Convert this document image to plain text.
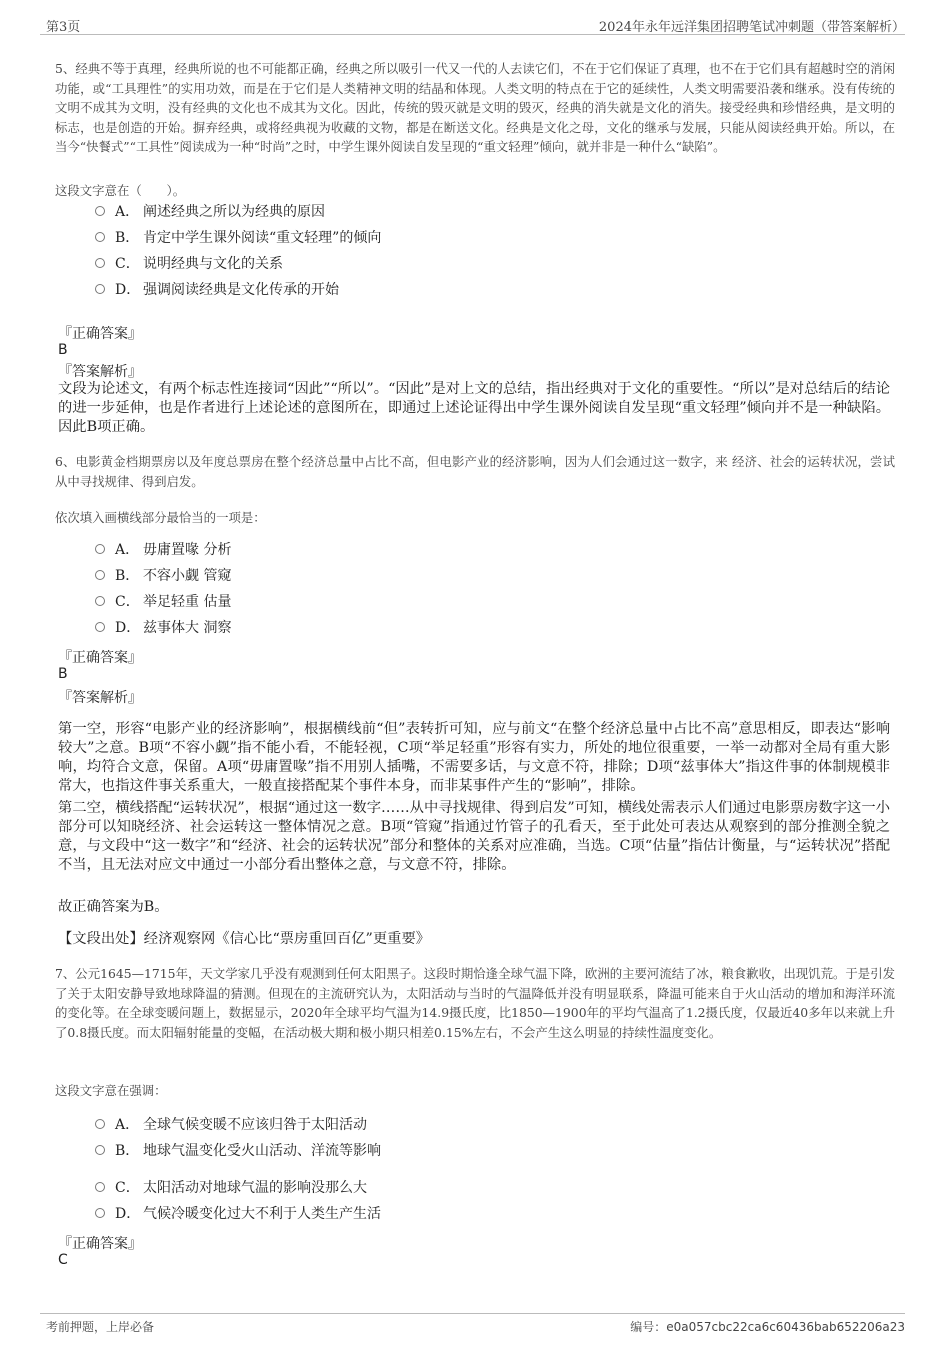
第3页	2024年永年远洋集团招聘笔试冲刺题（带答案解析）
5、经典不等于真理，经典所说的也不可能都正确，经典之所以吸引一代又一代的人去读它们，不在于它们保证了真理，也不在于它们具有超越时空的消闲功能，或“工具理性”的实用功效，而是在于它们是人类精神文明的结晶和体现。人类文明的特点在于它的延续性，人类文明需要沿袭和继承。没有传统的文明不成其为文明，没有经典的文化也不成其为文化。因此，传统的毁灭就是文明的毁灭，经典的消失就是文化的消失。接受经典和珍惜经典，是文明的标志，也是创造的开始。摒弃经典，或将经典视为收藏的文物，都是在断送文化。经典是文化之母，文化的继承与发展，只能从阅读经典开始。所以，在当今“快餐式”“工具性”阅读成为一种“时尚”之时，中学生课外阅读自发呈现的“重文轻理”倾向，就并非是一种什么“缺陷”。
这段文字意在（　　）。
A． 阐述经典之所以为经典的原因
B． 肯定中学生课外阅读“重文轻理”的倾向
C． 说明经典与文化的关系
D． 强调阅读经典是文化传承的开始
『正确答案』
B
『答案解析』
文段为论述文，有两个标志性连接词“因此”“所以”。“因此”是对上文的总结，指出经典对于文化的重要性。“所以”是对总结后的结论的进一步延伸，也是作者进行上述论述的意图所在，即通过上述论证得出中学生课外阅读自发呈现“重文轻理”倾向并不是一种缺陷。因此B项正确。
6、电影黄金档期票房以及年度总票房在整个经济总量中占比不高，但电影产业的经济影响，因为人们会通过这一数字，来 经济、社会的运转状况，尝试从中寻找规律、得到启发。
依次填入画横线部分最恰当的一项是：
A． 毋庸置喙 分析
B． 不容小觑 管窥
C． 举足轻重 估量
D． 兹事体大 洞察
『正确答案』
B
『答案解析』
第一空，形容“电影产业的经济影响”，根据横线前“但”表转折可知，应与前文“在整个经济总量中占比不高”意思相反，即表达“影响较大”之意。B项“不容小觑”指不能小看，不能轻视，C项“举足轻重”形容有实力，所处的地位很重要，一举一动都对全局有重大影响，均符合文意，保留。A项“毋庸置喙”指不用别人插嘴，不需要多话，与文意不符，排除；D项“兹事体大”指这件事的体制规模非常大，也指这件事关系重大，一般直接搭配某个事件本身，而非某事件产生的“影响”，排除。
第二空，横线搭配“运转状况”，根据“通过这一数字……从中寻找规律、得到启发”可知，横线处需表示人们通过电影票房数字这一小部分可以知晓经济、社会运转这一整体情况之意。B项“管窥”指通过竹管子的孔看天，至于此处可表达从观察到的部分推测全貌之意，与文段中“这一数字”和“经济、社会的运转状况”部分和整体的关系对应准确，当选。C项“估量”指估计衡量，与“运转状况”搭配不当，且无法对应文中通过一小部分看出整体之意，与文意不符，排除。
故正确答案为B。
【文段出处】经济观察网《信心比“票房重回百亿”更重要》
7、公元1645—1715年，天文学家几乎没有观测到任何太阳黑子。这段时期恰逢全球气温下降，欧洲的主要河流结了冰，粮食歉收，出现饥荒。于是引发了关于太阳安静导致地球降温的猜测。但现在的主流研究认为，太阳活动与当时的气温降低并没有明显联系，降温可能来自于火山活动的增加和海洋环流的变化等。在全球变暖问题上，数据显示，2020年全球平均气温为14.9摄氏度，比1850—1900年的平均气温高了1.2摄氏度，仅最近40多年以来就上升了0.8摄氏度。而太阳辐射能量的变幅，在活动极大期和极小期只相差0.15%左右，不会产生这么明显的持续性温度变化。
这段文字意在强调：
A． 全球气候变暖不应该归咎于太阳活动
B． 地球气温变化受火山活动、洋流等影响
C． 太阳活动对地球气温的影响没那么大
D． 气候冷暖变化过大不利于人类生产生活
『正确答案』
C
考前押题，上岸必备	编号：e0a057cbc22ca6c60436bab652206a23
